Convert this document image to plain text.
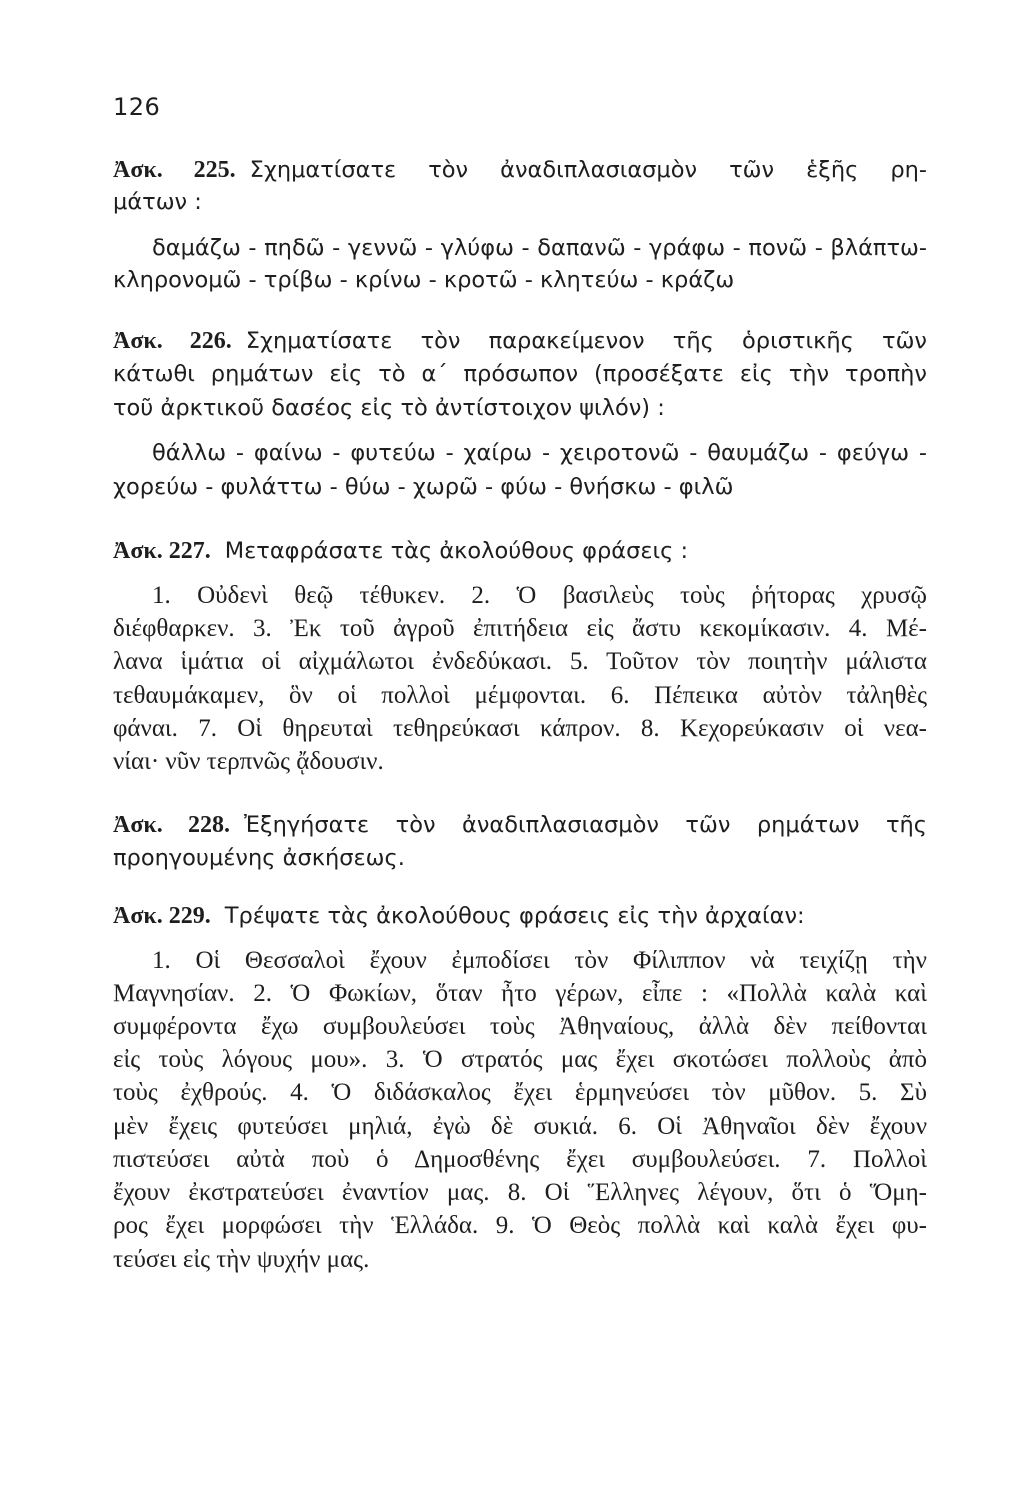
126
Ἀσκ. 225. Σχηματίσατε τὸν ἀναδιπλασιασμὸν τῶν ἑξῆς ρη-
μάτων :
δαμάζω - πηδῶ - γεννῶ - γλύφω - δαπανῶ - γράφω - πονῶ - βλάπτω-
κληρονομῶ - τρίβω - κρίνω - κροτῶ - κλητεύω - κράζω
Ἀσκ. 226. Σχηματίσατε τὸν παρακείμενον τῆς ὁριστικῆς τῶν
κάτωθι ρημάτων εἰς τὸ α΄ πρόσωπον (προσέξατε εἰς τὴν τροπὴν
τοῦ ἀρκτικοῦ δασέος εἰς τὸ ἀντίστοιχον ψιλόν) :
θάλλω - φαίνω - φυτεύω - χαίρω - χειροτονῶ - θαυμάζω - φεύγω -
χορεύω - φυλάττω - θύω - χωρῶ - φύω - θνήσκω - φιλῶ
Ἀσκ. 227. Μεταφράσατε τὰς ἀκολούθους φράσεις :
1. Οὐδενὶ θεῷ τέθυκεν. 2. Ὁ βασιλεὺς τοὺς ῥήτορας χρυσῷ
διέφθαρκεν. 3. Ἐκ τοῦ ἀγροῦ ἐπιτήδεια εἰς ἄστυ κεκομίκασιν. 4. Μέ-
λανα ἱμάτια οἱ αἰχμάλωτοι ἐνδεδύκασι. 5. Τοῦτον τὸν ποιητὴν μάλιστα
τεθαυμάκαμεν, ὃν οἱ πολλοὶ μέμφονται. 6. Πέπεικα αὐτὸν τἀληθὲς
φάναι. 7. Οἱ θηρευταὶ τεθηρεύκασι κάπρον. 8. Κεχορεύκασιν οἱ νεα-
νίαι· νῦν τερπνῶς ᾄδουσιν.
Ἀσκ. 228. Ἐξηγήσατε τὸν ἀναδιπλασιασμὸν τῶν ρημάτων τῆς
προηγουμένης ἀσκήσεως.
Ἀσκ. 229. Τρέψατε τὰς ἀκολούθους φράσεις εἰς τὴν ἀρχαίαν:
1. Οἱ Θεσσαλοὶ ἔχουν ἐμποδίσει τὸν Φίλιππον νὰ τειχίζῃ τὴν
Μαγνησίαν. 2. Ὁ Φωκίων, ὅταν ἦτο γέρων, εἶπε : «Πολλὰ καλὰ καὶ
συμφέροντα ἔχω συμβουλεύσει τοὺς Ἀθηναίους, ἀλλὰ δὲν πείθονται
εἰς τοὺς λόγους μου». 3. Ὁ στρατός μας ἔχει σκοτώσει πολλοὺς ἀπὸ
τοὺς ἐχθρούς. 4. Ὁ διδάσκαλος ἔχει ἑρμηνεύσει τὸν μῦθον. 5. Σὺ
μὲν ἔχεις φυτεύσει μηλιά, ἐγὼ δὲ συκιά. 6. Οἱ Ἀθηναῖοι δὲν ἔχουν
πιστεύσει αὐτὰ ποὺ ὁ Δημοσθένης ἔχει συμβουλεύσει. 7. Πολλοὶ
ἔχουν ἐκστρατεύσει ἐναντίον μας. 8. Οἱ Ἕλληνες λέγουν, ὅτι ὁ Ὅμη-
ρος ἔχει μορφώσει τὴν Ἑλλάδα. 9. Ὁ Θεὸς πολλὰ καὶ καλὰ ἔχει φυ-
τεύσει εἰς τὴν ψυχήν μας.
